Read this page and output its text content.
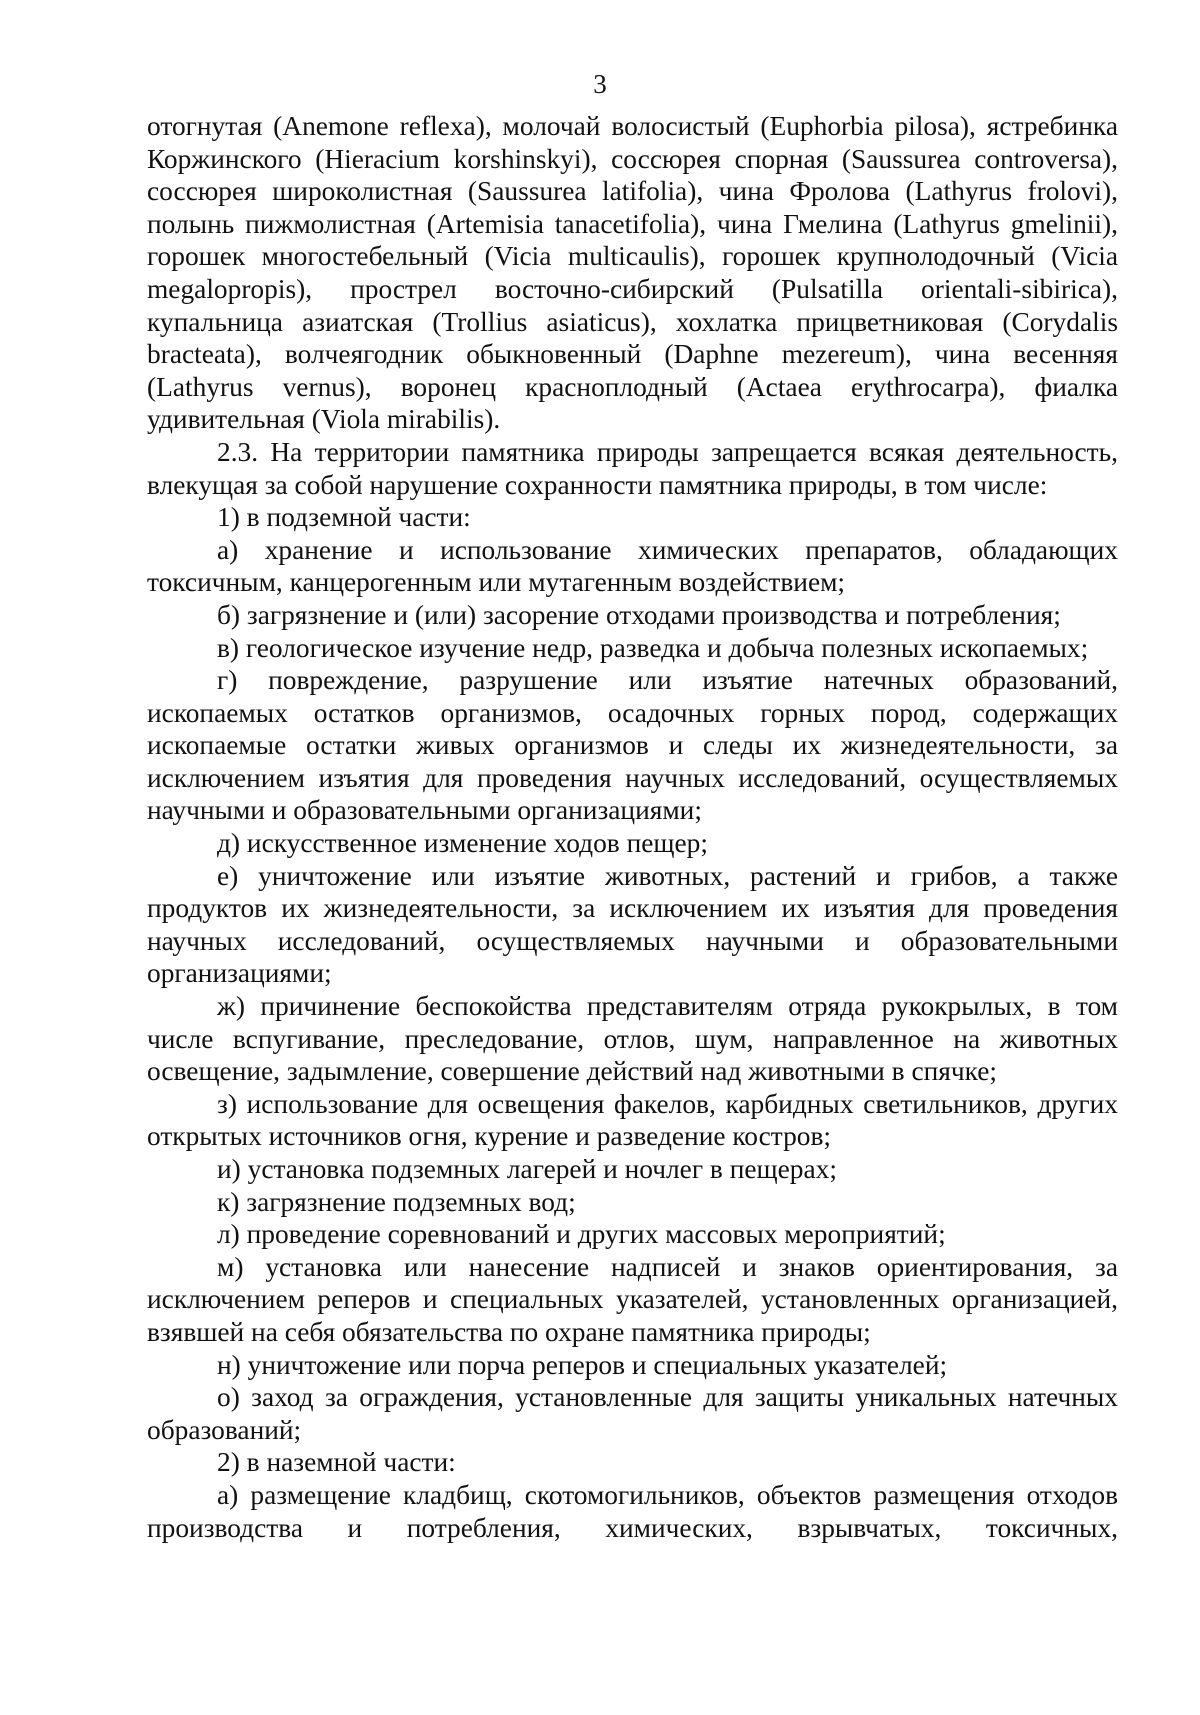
3

отогнутая (Anemone reflexa), молочай волосистый (Euphorbia pilosa), ястребинка Коржинского (Hieracium korshinskyi), соссюрея спорная (Saussurea controversa), соссюрея широколистная (Saussurea latifolia), чина Фролова (Lathyrus frolovi), полынь пижмолистная (Artemisia tanacetifolia), чина Гмелина (Lathyrus gmelinii), горошек многостебельный (Vicia multicaulis), горошек крупнолодочный (Vicia megalopropis), прострел восточно-сибирский (Pulsatilla orientali-sibirica), купальница азиатская (Trollius asiaticus), хохлатка прицветниковая (Corydalis bracteata), волчеягодник обыкновенный (Daphne mezereum), чина весенняя (Lathyrus vernus), воронец краснoплодный (Actaea erythrocarpa), фиалка удивительная (Viola mirabilis).

2.3. На территории памятника природы запрещается всякая деятельность, влекущая за собой нарушение сохранности памятника природы, в том числе:

1) в подземной части:

а) хранение и использование химических препаратов, обладающих токсичным, канцерогенным или мутагенным воздействием;

б) загрязнение и (или) засорение отходами производства и потребления;

в) геологическое изучение недр, разведка и добыча полезных ископаемых;

г) повреждение, разрушение или изъятие натечных образований, ископаемых остатков организмов, осадочных горных пород, содержащих ископаемые остатки живых организмов и следы их жизнедеятельности, за исключением изъятия для проведения научных исследований, осуществляемых научными и образовательными организациями;

д) искусственное изменение ходов пещер;

е) уничтожение или изъятие животных, растений и грибов, а также продуктов их жизнедеятельности, за исключением их изъятия для проведения научных исследований, осуществляемых научными и образовательными организациями;

ж) причинение беспокойства представителям отряда рукокрылых, в том числе вспугивание, преследование, отлов, шум, направленное на животных освещение, задымление, совершение действий над животными в спячке;

з) использование для освещения факелов, карбидных светильников, других открытых источников огня, курение и разведение костров;

и) установка подземных лагерей и ночлег в пещерах;

к) загрязнение подземных вод;

л) проведение соревнований и других массовых мероприятий;

м) установка или нанесение надписей и знаков ориентирования, за исключением реперов и специальных указателей, установленных организацией, взявшей на себя обязательства по охране памятника природы;

н) уничтожение или порча реперов и специальных указателей;

о) заход за ограждения, установленные для защиты уникальных натечных образований;

2) в наземной части:

а) размещение кладбищ, скотомогильников, объектов размещения отходов производства и потребления, химических, взрывчатых, токсичных,
